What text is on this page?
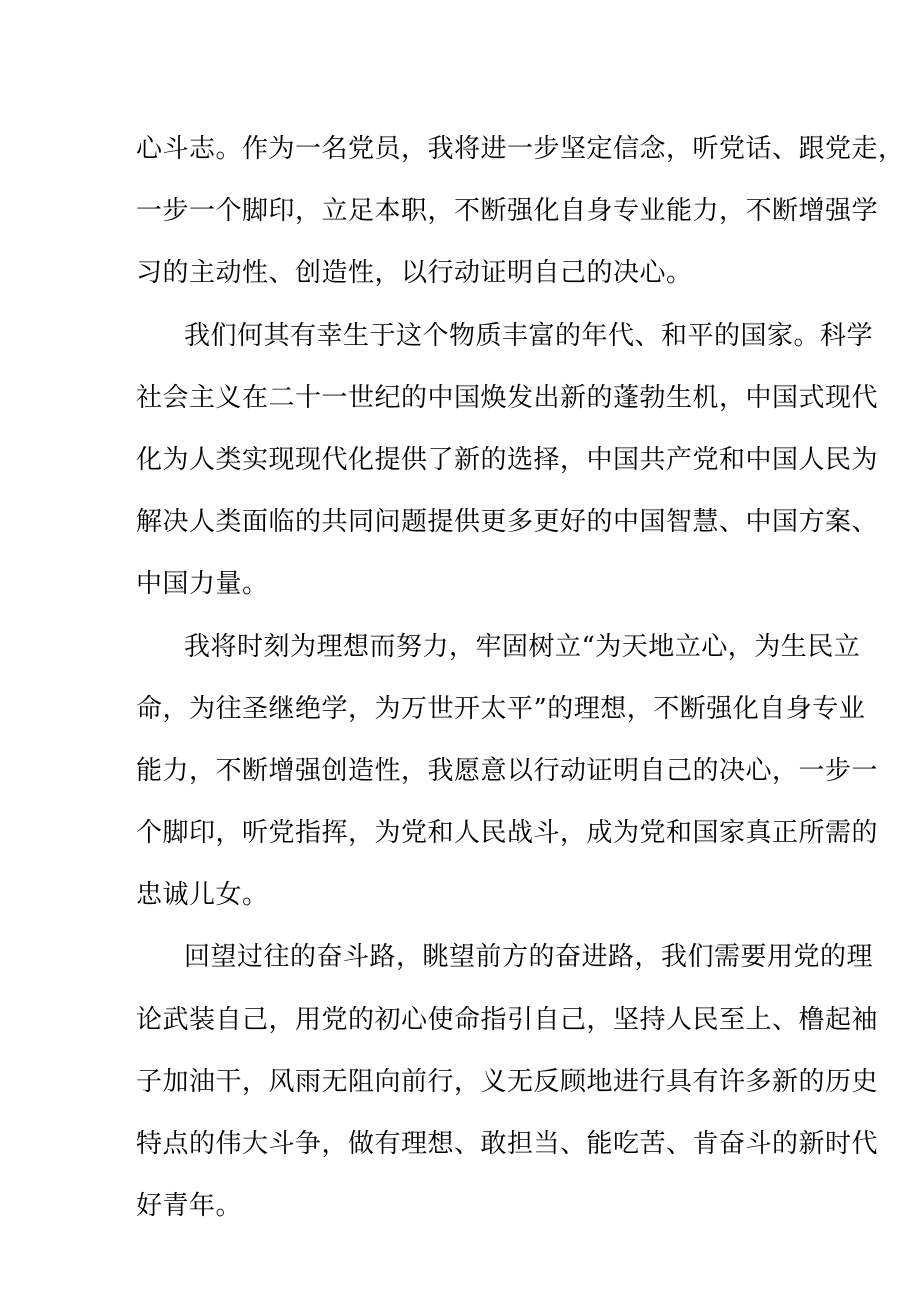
心斗志。作为一名党员，我将进一步坚定信念，听党话、跟党走，
一步一个脚印，立足本职，不断强化自身专业能力，不断增强学
习的主动性、创造性，以行动证明自己的决心。
我们何其有幸生于这个物质丰富的年代、和平的国家。科学
社会主义在二十一世纪的中国焕发出新的蓬勃生机，中国式现代
化为人类实现现代化提供了新的选择，中国共产党和中国人民为
解决人类面临的共同问题提供更多更好的中国智慧、中国方案、
中国力量。
我将时刻为理想而努力，牢固树立“为天地立心，为生民立
命，为往圣继绝学，为万世开太平”的理想，不断强化自身专业
能力，不断增强创造性，我愿意以行动证明自己的决心，一步一
个脚印，听党指挥，为党和人民战斗，成为党和国家真正所需的
忠诚儿女。
回望过往的奋斗路，眺望前方的奋进路，我们需要用党的理
论武装自己，用党的初心使命指引自己，坚持人民至上、橹起袖
子加油干，风雨无阻向前行，义无反顾地进行具有许多新的历史
特点的伟大斗争，做有理想、敢担当、能吃苦、肯奋斗的新时代
好青年。
